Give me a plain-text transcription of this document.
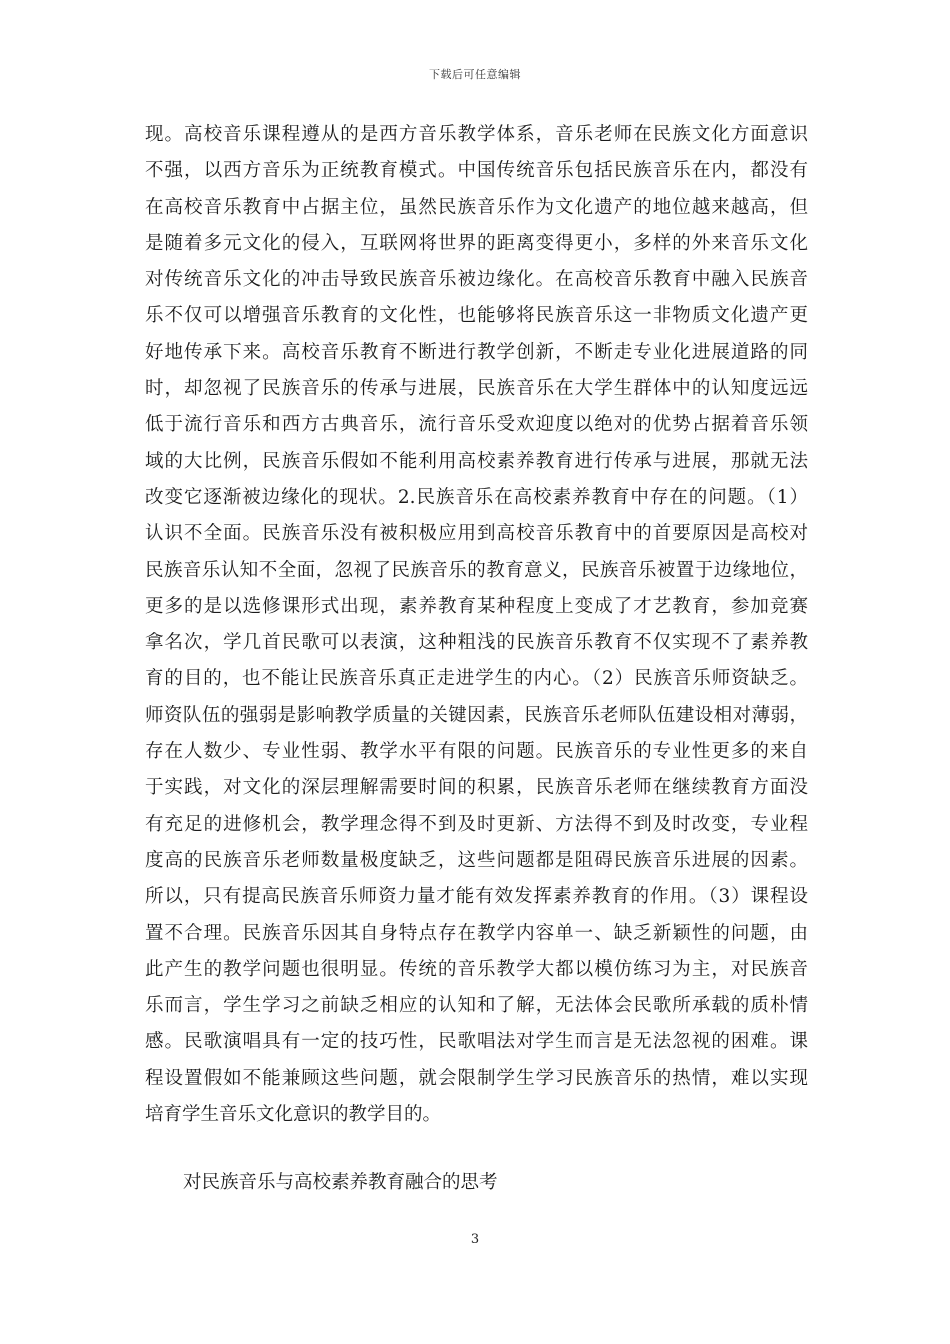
下载后可任意编辑

现。高校音乐课程遵从的是西方音乐教学体系，音乐老师在民族文化方面意识
不强，以西方音乐为正统教育模式。中国传统音乐包括民族音乐在内，都没有
在高校音乐教育中占据主位，虽然民族音乐作为文化遗产的地位越来越高，但
是随着多元文化的侵入，互联网将世界的距离变得更小，多样的外来音乐文化
对传统音乐文化的冲击导致民族音乐被边缘化。在高校音乐教育中融入民族音
乐不仅可以增强音乐教育的文化性，也能够将民族音乐这一非物质文化遗产更
好地传承下来。高校音乐教育不断进行教学创新，不断走专业化进展道路的同
时，却忽视了民族音乐的传承与进展，民族音乐在大学生群体中的认知度远远
低于流行音乐和西方古典音乐，流行音乐受欢迎度以绝对的优势占据着音乐领
域的大比例，民族音乐假如不能利用高校素养教育进行传承与进展，那就无法
改变它逐渐被边缘化的现状。2.民族音乐在高校素养教育中存在的问题。（1）
认识不全面。民族音乐没有被积极应用到高校音乐教育中的首要原因是高校对
民族音乐认知不全面，忽视了民族音乐的教育意义，民族音乐被置于边缘地位，
更多的是以选修课形式出现，素养教育某种程度上变成了才艺教育，参加竞赛
拿名次，学几首民歌可以表演，这种粗浅的民族音乐教育不仅实现不了素养教
育的目的，也不能让民族音乐真正走进学生的内心。（2）民族音乐师资缺乏。
师资队伍的强弱是影响教学质量的关键因素，民族音乐老师队伍建设相对薄弱，
存在人数少、专业性弱、教学水平有限的问题。民族音乐的专业性更多的来自
于实践，对文化的深层理解需要时间的积累，民族音乐老师在继续教育方面没
有充足的进修机会，教学理念得不到及时更新、方法得不到及时改变，专业程
度高的民族音乐老师数量极度缺乏，这些问题都是阻碍民族音乐进展的因素。
所以，只有提高民族音乐师资力量才能有效发挥素养教育的作用。（3）课程设
置不合理。民族音乐因其自身特点存在教学内容单一、缺乏新颖性的问题，由
此产生的教学问题也很明显。传统的音乐教学大都以模仿练习为主，对民族音
乐而言，学生学习之前缺乏相应的认知和了解，无法体会民歌所承载的质朴情
感。民歌演唱具有一定的技巧性，民歌唱法对学生而言是无法忽视的困难。课
程设置假如不能兼顾这些问题，就会限制学生学习民族音乐的热情，难以实现
培育学生音乐文化意识的教学目的。

对民族音乐与高校素养教育融合的思考
3
